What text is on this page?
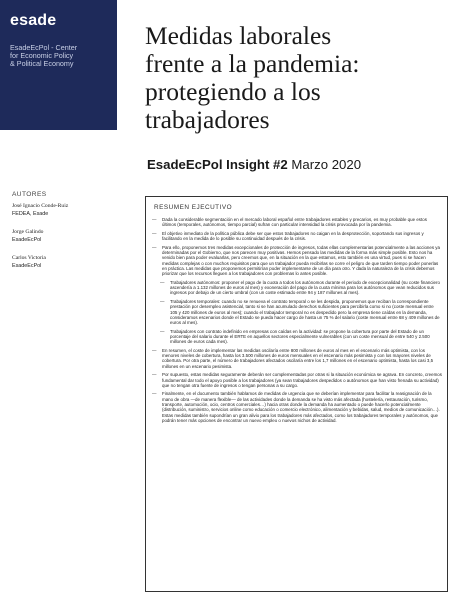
esade
EsadeEcPol - Center
for Economic Policy
& Political Economy
Medidas laborales
frente a la pandemia:
protegiendo a los
trabajadores
EsadeEcPol Insight #2 Marzo 2020
AUTORES
José Ignacio Conde-Ruiz
FEDEA, Esade
Jorge Galindo
EsadeEcPol
Carlos Victoria
EsadeEcPol
RESUMEN EJECUTIVO
— Dada la considerable segmentación en el mercado laboral español entre trabajadores estables y precarios, es muy probable que estos últimos (temporales, autónomos, tiempo parcial) sufran con particular intensidad la crisis provocada por la pandemia.
— El objetivo inmediato de la política pública debe ser que estos trabajadores no caigan en la desprotección, soportando sus ingresos y facilitando en la medida de lo posible su continuidad después de la crisis.
— Para ello, proponemos tres medidas excepcionales de protección de ingresos, todas ellas complementarias potencialmente a las acciones ya determinadas por el Gobierno, que nos parecen muy positivas. Hemos pensado las medidas de la forma más simple posible. Esto nos ha venido bien para poder evaluarlas, pero creemos que, en la situación en la que estamos, esto también es una virtud, pues si se hacen medidas complejas o con muchos requisitos para que un trabajador pueda recibirlas se corre el peligro de que tarden tiempo poder ponerlas en práctica. Las medidas que proponemos permitirían poder implementarse de un día para otro. Y dada la naturaleza de la crisis debemos priorizar que los recursos lleguen a los trabajadores con problemas lo antes posible.
— Trabajadores autónomos: proponer el pago de la cuota a todos los autónomos durante el periodo de excepcionalidad (su coste financiero ascendería a 1.132 millones de euros al mes) y exoneración del pago de la cuota mínima para los autónomos que vean reducidos sus ingresos por debajo de un cierto umbral (con un coste estimado entre 94 y 187 millones al mes).
— Trabajadores temporales: cuando no se renueva el contrato temporal o se les despida, proponemos que reciban la correspondiente prestación por desempleo asistencial, tanto si se han acumulado derechos suficientes para percibirla como si no (coste mensual entre 105 y 420 millones de euros al mes); cuando el trabajador temporal no es despedido pero la empresa tiene caídas en la demanda, consideramos escenarios donde el Estado se pueda hacer cargo de hasta un 75 % del salario (coste mensual entre 68 y 409 millones de euros al mes).
— Trabajadores con contrato indefinido en empresas con caídas en la actividad: se propone la cobertura por parte del Estado de un porcentaje del salario durante el ERTE en aquellos sectores especialmente vulnerables (con un coste mensual de entre 540 y 2.500 millones de euros cada mes).
— En resumen, el coste de implementar las medidas oscilaría entre 800 millones de euros al mes en el escenario más optimista, con los menores niveles de cobertura, hasta los 3.500 millones de euros mensuales en el escenario más pesimista y con los mayores niveles de cobertura. Por otra parte, el número de trabajadores afectados oscilaría entre los 1,7 millones en el escenario optimista, hasta los casi 3,5 millones en un escenario pesimista.
— Por supuesto, estas medidas seguramente deberán ser complementadas por otras si la situación económica se agrava. En concreto, creemos fundamental dar todo el apoyo posible a los trabajadores (ya sean trabajadores despedidos o autónomos que han visto frenada su actividad) que no tengan otra fuente de ingresos o tengan personas a su cargo.
— Finalmente, en el documento también hablamos de medidas de urgencia que se deberían implementar para facilitar la reasignación de la mano de obra —de manera flexible— de las actividades donde la demanda se ha visto más afectada (hostelería, restauración, turismo, transporte, automoción, ocio, centros comerciales…) hacia otras donde la demanda ha aumentado o puede hacerlo potencialmente (distribución, suministro, servicios online como educación o comercio electrónico, alimentación y bebidas, salud, medios de comunicación…). Estas medidas también supondrían un gran alivio para los trabajadores más afectados, como los trabajadores temporales y autónomos, que podrán tener más opciones de encontrar un nuevo empleo o nuevos nichos de actividad.
